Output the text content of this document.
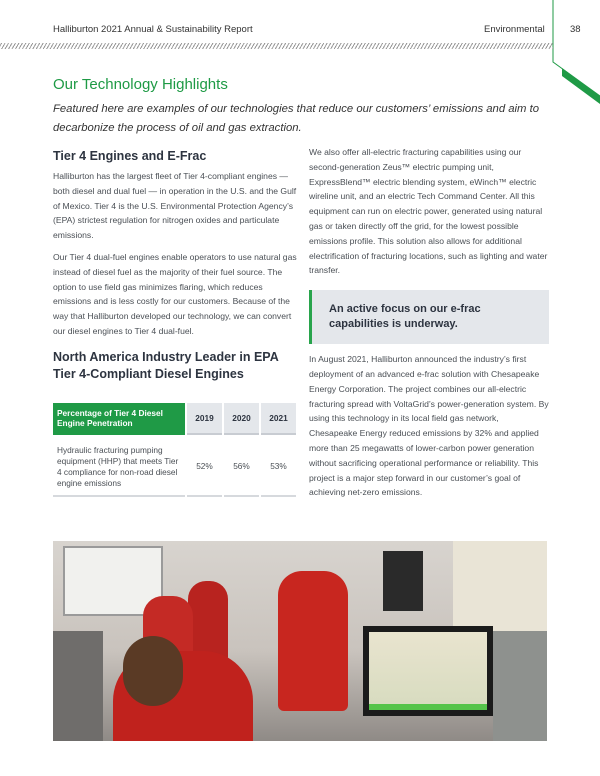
Halliburton 2021 Annual & Sustainability Report	Environmental	38
Our Technology Highlights
Featured here are examples of our technologies that reduce our customers’ emissions and aim to decarbonize the process of oil and gas extraction.
Tier 4 Engines and E-Frac

Halliburton has the largest fleet of Tier 4-compliant engines — both diesel and dual fuel — in operation in the U.S. and the Gulf of Mexico. Tier 4 is the U.S. Environmental Protection Agency’s (EPA) strictest regulation for nitrogen oxides and particulate emissions.

Our Tier 4 dual-fuel engines enable operators to use natural gas instead of diesel fuel as the majority of their fuel source. The option to use field gas minimizes flaring, which reduces emissions and is less costly for our customers. Because of the way that Halliburton developed our technology, we can convert our diesel engines to Tier 4 dual-fuel.

North America Industry Leader in EPA Tier 4-Compliant Diesel Engines
Percentage of Tier 4 Diesel Engine Penetration	2019	2020	2021
Hydraulic fracturing pumping equipment (HHP) that meets Tier 4 compliance for non-road diesel engine emissions	52%	56%	53%

We also offer all-electric fracturing capabilities using our second-generation Zeus™ electric pumping unit, ExpressBlend™ electric blending system, eWinch™ electric wireline unit, and an electric Tech Command Center. All this equipment can run on electric power, generated using natural gas or taken directly off the grid, for the lowest possible emissions profile. This solution also allows for additional electrification of fracturing locations, such as lighting and water transfer.

An active focus on our e-frac capabilities is underway.

In August 2021, Halliburton announced the industry’s first deployment of an advanced e-frac solution with Chesapeake Energy Corporation. The project combines our all-electric fracturing spread with VoltaGrid’s power-generation system. By using this technology in its local field gas network, Chesapeake Energy reduced emissions by 32% and applied more than 25 megawatts of lower-carbon power generation without sacrificing operational performance or reliability. This project is a major step forward in our customer’s goal of achieving net-zero emissions.
